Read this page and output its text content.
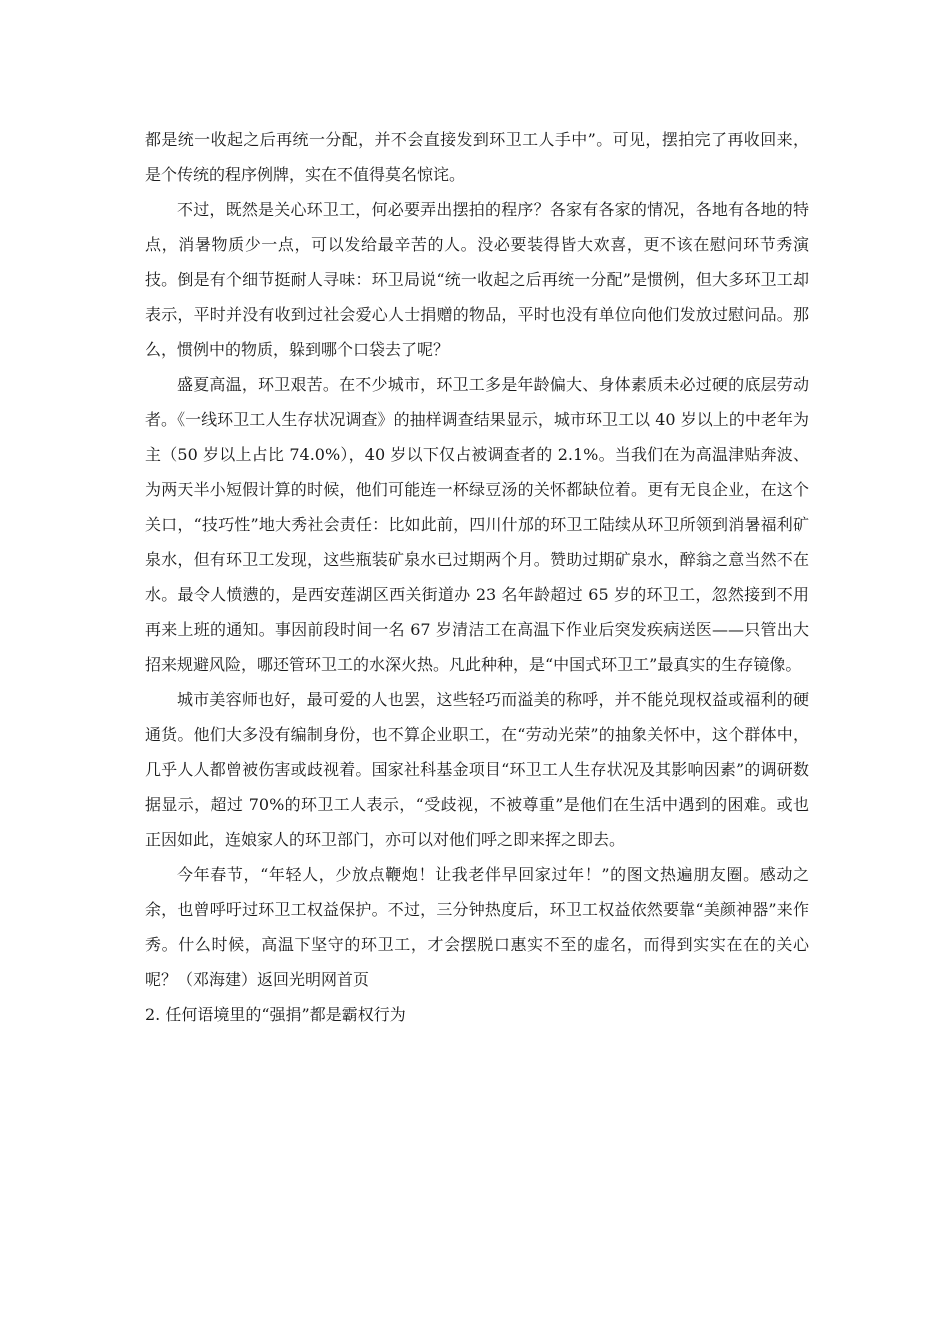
都是统一收起之后再统一分配，并不会直接发到环卫工人手中”。可见，摆拍完了再收回来，是个传统的程序例牌，实在不值得莫名惊诧。

不过，既然是关心环卫工，何必要弄出摆拍的程序？各家有各家的情况，各地有各地的特点，消暑物质少一点，可以发给最辛苦的人。没必要装得皆大欢喜，更不该在慰问环节秀演技。倒是有个细节挺耐人寻味：环卫局说“统一收起之后再统一分配”是惯例，但大多环卫工却表示，平时并没有收到过社会爱心人士捐赠的物品，平时也没有单位向他们发放过慰问品。那么，惯例中的物质，躲到哪个口袋去了呢？

盛夏高温，环卫艰苦。在不少城市，环卫工多是年龄偏大、身体素质未必过硬的底层劳动者。《一线环卫工人生存状况调查》的抽样调查结果显示，城市环卫工以 40 岁以上的中老年为主（50 岁以上占比 74.0%），40 岁以下仅占被调查者的 2.1%。当我们在为高温津贴奔波、为两天半小短假计算的时候，他们可能连一杯绿豆汤的关怀都缺位着。更有无良企业，在这个关口，“技巧性”地大秀社会责任：比如此前，四川什邡的环卫工陆续从环卫所领到消暑福利矿泉水，但有环卫工发现，这些瓶装矿泉水已过期两个月。赞助过期矿泉水，醉翁之意当然不在水。最令人愤懑的，是西安莲湖区西关街道办 23 名年龄超过 65 岁的环卫工，忽然接到不用再来上班的通知。事因前段时间一名 67 岁清洁工在高温下作业后突发疾病送医——只管出大招来规避风险，哪还管环卫工的水深火热。凡此种种，是“中国式环卫工”最真实的生存镜像。

城市美容师也好，最可爱的人也罢，这些轻巧而溢美的称呼，并不能兑现权益或福利的硬通货。他们大多没有编制身份，也不算企业职工，在“劳动光荣”的抽象关怀中，这个群体中，几乎人人都曾被伤害或歧视着。国家社科基金项目“环卫工人生存状况及其影响因素”的调研数据显示，超过 70%的环卫工人表示，“受歧视，不被尊重”是他们在生活中遇到的困难。或也正因如此，连娘家人的环卫部门，亦可以对他们呼之即来挥之即去。

今年春节，“年轻人，少放点鞭炮！让我老伴早回家过年！”的图文热遍朋友圈。感动之余，也曾呼吁过环卫工权益保护。不过，三分钟热度后，环卫工权益依然要靠“美颜神器”来作秀。什么时候，高温下坚守的环卫工，才会摆脱口惠实不至的虚名，而得到实实在在的关心呢？（邓海建）返回光明网首页

2. 任何语境里的“强捐”都是霸权行为
